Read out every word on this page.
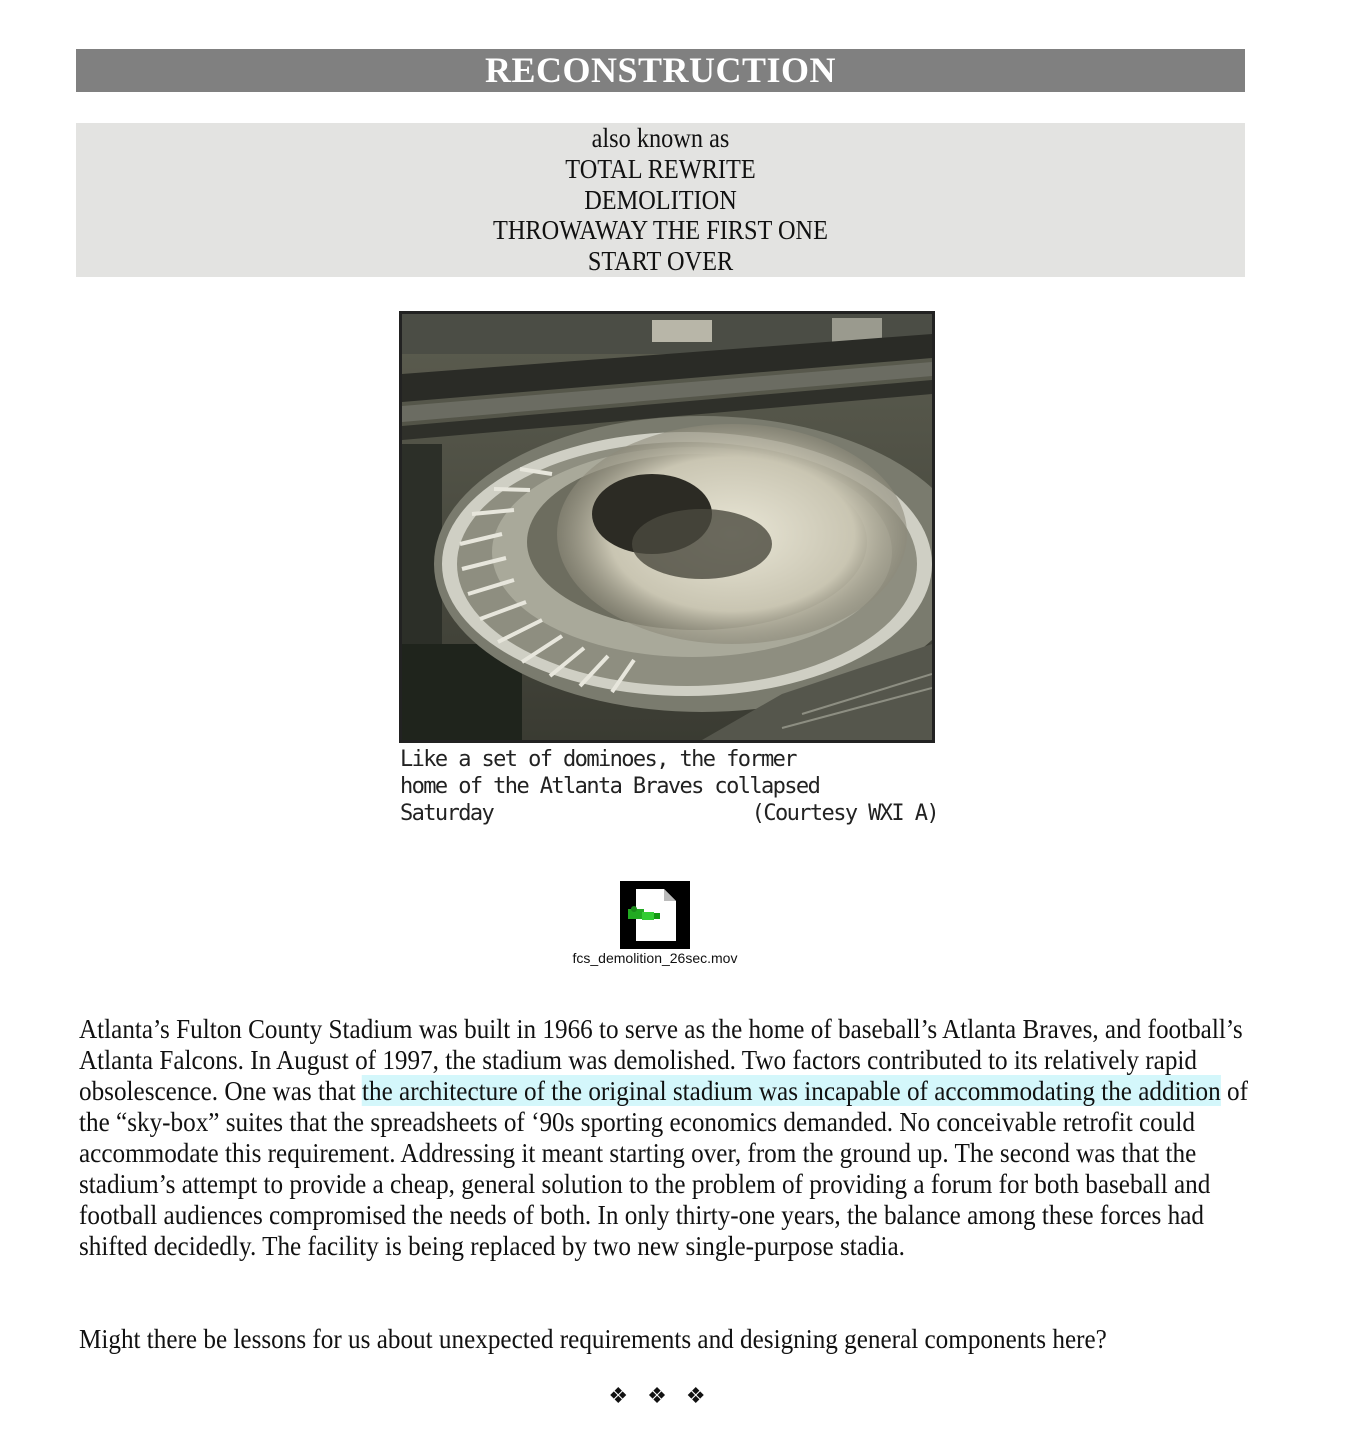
RECONSTRUCTION
also known as
TOTAL REWRITE
DEMOLITION
THROWAWAY THE FIRST ONE
START OVER
Like a set of dominoes, the former
home of the Atlanta Braves collapsed
Saturday	(Courtesy WXI A)
fcs_demolition_26sec.mov

Atlanta’s Fulton County Stadium was built in 1966 to serve as the home of baseball’s Atlanta Braves, and football’s Atlanta Falcons. In August of 1997, the stadium was demolished. Two factors contributed to its relatively rapid obsolescence. One was that the architecture of the original stadium was incapable of accommodating the addition of the “sky-box” suites that the spreadsheets of ‘90s sporting economics demanded. No conceivable retrofit could accommodate this requirement. Addressing it meant starting over, from the ground up. The second was that the stadium’s attempt to provide a cheap, general solution to the problem of providing a forum for both baseball and football audiences compromised the needs of both. In only thirty-one years, the balance among these forces had shifted decidedly. The facility is being replaced by two new single-purpose stadia.

Might there be lessons for us about unexpected requirements and designing general components here?
❖ ❖ ❖
